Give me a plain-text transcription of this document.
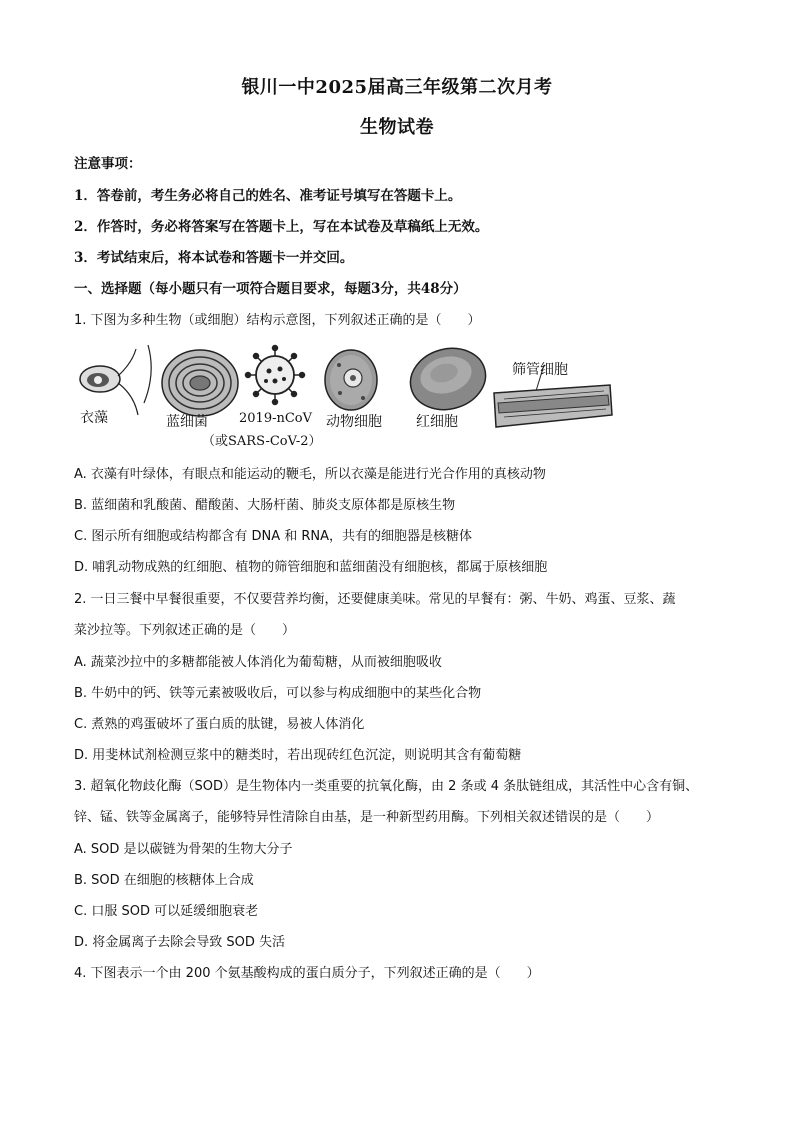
银川一中2025届高三年级第二次月考
生物试卷
注意事项：
1．答卷前，考生务必将自己的姓名、准考证号填写在答题卡上。
2．作答时，务必将答案写在答题卡上，写在本试卷及草稿纸上无效。
3．考试结束后，将本试卷和答题卡一并交回。
一、选择题（每小题只有一项符合题目要求，每题3分，共48分）
1. 下图为多种生物（或细胞）结构示意图，下列叙述正确的是（　　）
衣藻	蓝细菌 2019-nCoV
（或SARS-CoV-2）
动物细胞 红细胞
筛管细胞
A. 衣藻有叶绿体，有眼点和能运动的鞭毛，所以衣藻是能进行光合作用的真核动物
B. 蓝细菌和乳酸菌、醋酸菌、大肠杆菌、肺炎支原体都是原核生物
C. 图示所有细胞或结构都含有 DNA 和 RNA，共有的细胞器是核糖体
D. 哺乳动物成熟的红细胞、植物的筛管细胞和蓝细菌没有细胞核，都属于原核细胞
2. 一日三餐中早餐很重要，不仅要营养均衡，还要健康美味。常见的早餐有：粥、牛奶、鸡蛋、豆浆、蔬
菜沙拉等。下列叙述正确的是（　　）
A. 蔬菜沙拉中的多糖都能被人体消化为葡萄糖，从而被细胞吸收
B. 牛奶中的钙、铁等元素被吸收后，可以参与构成细胞中的某些化合物
C. 煮熟的鸡蛋破坏了蛋白质的肽键，易被人体消化
D. 用斐林试剂检测豆浆中的糖类时，若出现砖红色沉淀，则说明其含有葡萄糖
3. 超氧化物歧化酶（SOD）是生物体内一类重要的抗氧化酶，由 2 条或 4 条肽链组成，其活性中心含有铜、
锌、锰、铁等金属离子，能够特异性清除自由基，是一种新型药用酶。下列相关叙述错误的是（　　）
A. SOD 是以碳链为骨架的生物大分子
B. SOD 在细胞的核糖体上合成
C. 口服 SOD 可以延缓细胞衰老
D. 将金属离子去除会导致 SOD 失活
4. 下图表示一个由 200 个氨基酸构成的蛋白质分子，下列叙述正确的是（　　）
